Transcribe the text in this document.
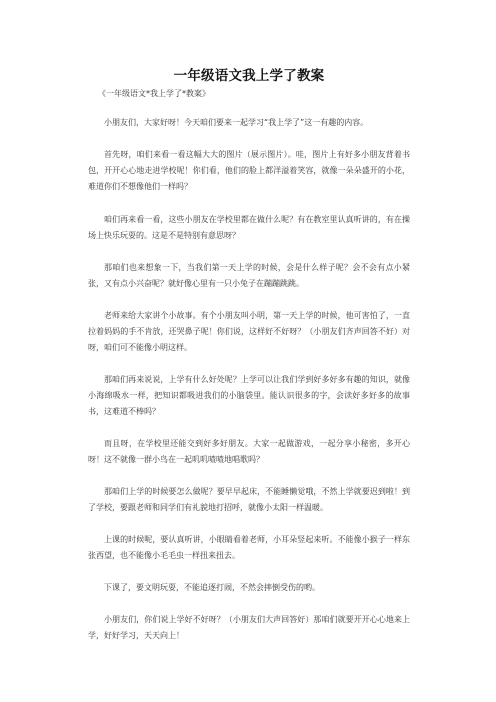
一年级语文我上学了教案
《一年级语文*我上学了*教案》

小朋友们，大家好呀！今天咱们要来一起学习“我上学了”这一有趣的内容。

首先呀，咱们来看一看这幅大大的图片（展示图片）。哇，图片上有好多小朋友背着书包，开开心心地走进学校呢！你们看，他们的脸上都洋溢着笑容，就像一朵朵盛开的小花，难道你们不想像他们一样吗？

咱们再来看一看，这些小朋友在学校里都在做什么呢？有在教室里认真听讲的，有在操场上快乐玩耍的。这是不是特别有意思呀？

那咱们也来想象一下，当我们第一天上学的时候，会是什么样子呢？会不会有点小紧张，又有点小兴奋呢？就好像心里有一只小兔子在蹦蹦跳跳。

老师来给大家讲个小故事。有个小朋友叫小明，第一天上学的时候，他可害怕了，一直拉着妈妈的手不肯放，还哭鼻子呢！你们说，这样好不好呀？（小朋友们齐声回答不好）对呀，咱们可不能像小明这样。

那咱们再来说说，上学有什么好处呢？上学可以让我们学到好多好多有趣的知识，就像小海绵吸水一样，把知识都吸进我们的小脑袋里。能认识很多的字，会读好多好多的故事书，这难道不棒吗？

而且呀，在学校里还能交到好多好朋友。大家一起做游戏，一起分享小秘密，多开心呀！这不就像一群小鸟在一起叽叽喳喳地唱歌吗？

那咱们上学的时候要怎么做呢？要早早起床，不能睡懒觉哦，不然上学就要迟到啦！到了学校，要跟老师和同学们有礼貌地打招呼，就像小太阳一样温暖。

上课的时候呢，要认真听讲，小眼睛看着老师，小耳朵竖起来听。不能像小猴子一样东张西望，也不能像小毛毛虫一样扭来扭去。

下课了，要文明玩耍，不能追逐打闹，不然会摔倒受伤的哟。

小朋友们，你们说上学好不好呀？（小朋友们大声回答好）那咱们就要开开心心地来上学，好好学习，天天向上！
